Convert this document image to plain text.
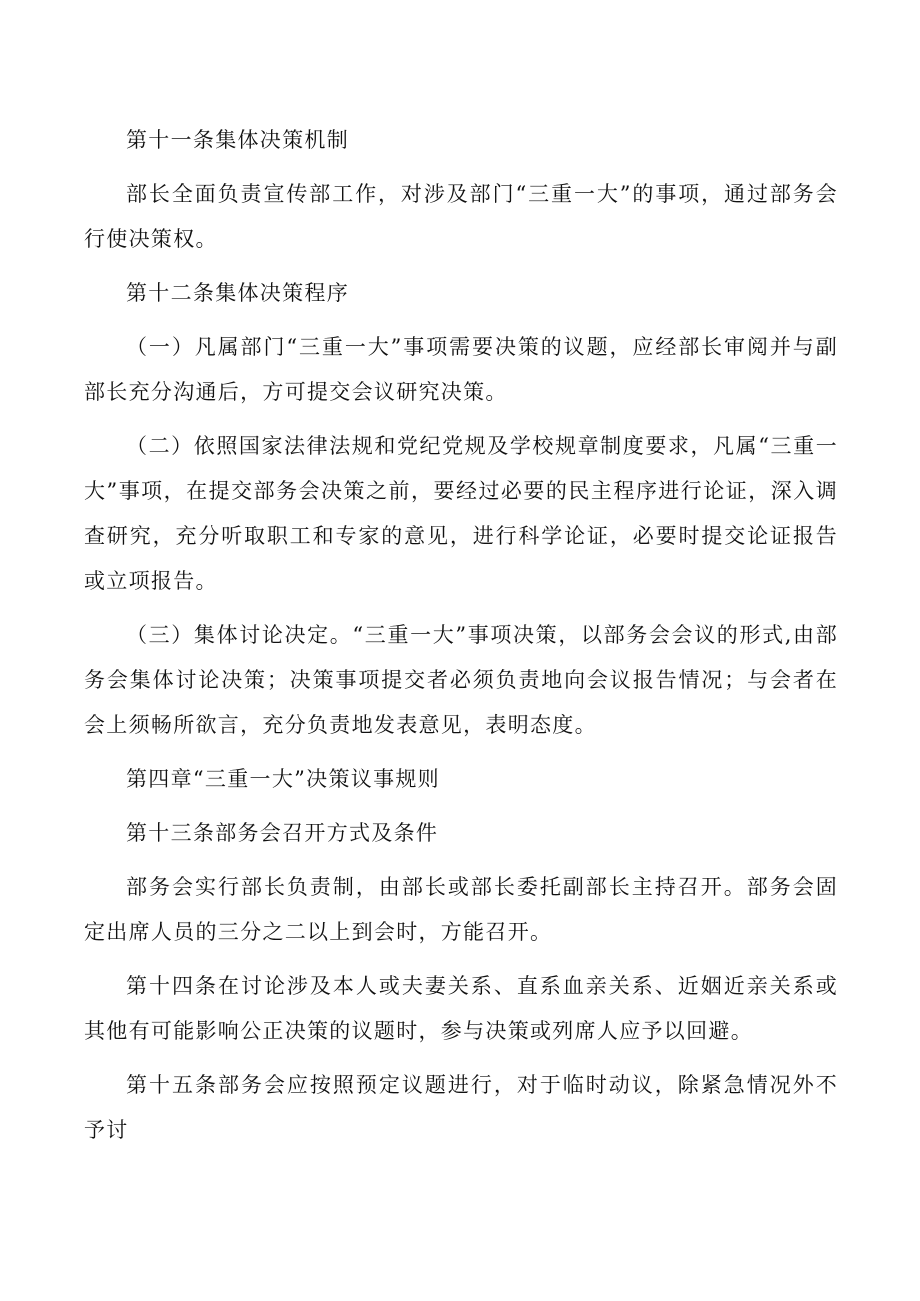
第十一条集体决策机制

部长全面负责宣传部工作，对涉及部门“三重一大”的事项，通过部务会行使决策权。

第十二条集体决策程序

（一）凡属部门“三重一大”事项需要决策的议题，应经部长审阅并与副部长充分沟通后，方可提交会议研究决策。

（二）依照国家法律法规和党纪党规及学校规章制度要求，凡属“三重一大”事项，在提交部务会决策之前，要经过必要的民主程序进行论证，深入调查研究，充分听取职工和专家的意见，进行科学论证，必要时提交论证报告或立项报告。

（三）集体讨论决定。“三重一大”事项决策，以部务会会议的形式,由部务会集体讨论决策；决策事项提交者必须负责地向会议报告情况；与会者在会上须畅所欲言，充分负责地发表意见，表明态度。

第四章“三重一大”决策议事规则

第十三条部务会召开方式及条件

部务会实行部长负责制，由部长或部长委托副部长主持召开。部务会固定出席人员的三分之二以上到会时，方能召开。

第十四条在讨论涉及本人或夫妻关系、直系血亲关系、近姻近亲关系或其他有可能影响公正决策的议题时，参与决策或列席人应予以回避。

第十五条部务会应按照预定议题进行，对于临时动议，除紧急情况外不予讨
